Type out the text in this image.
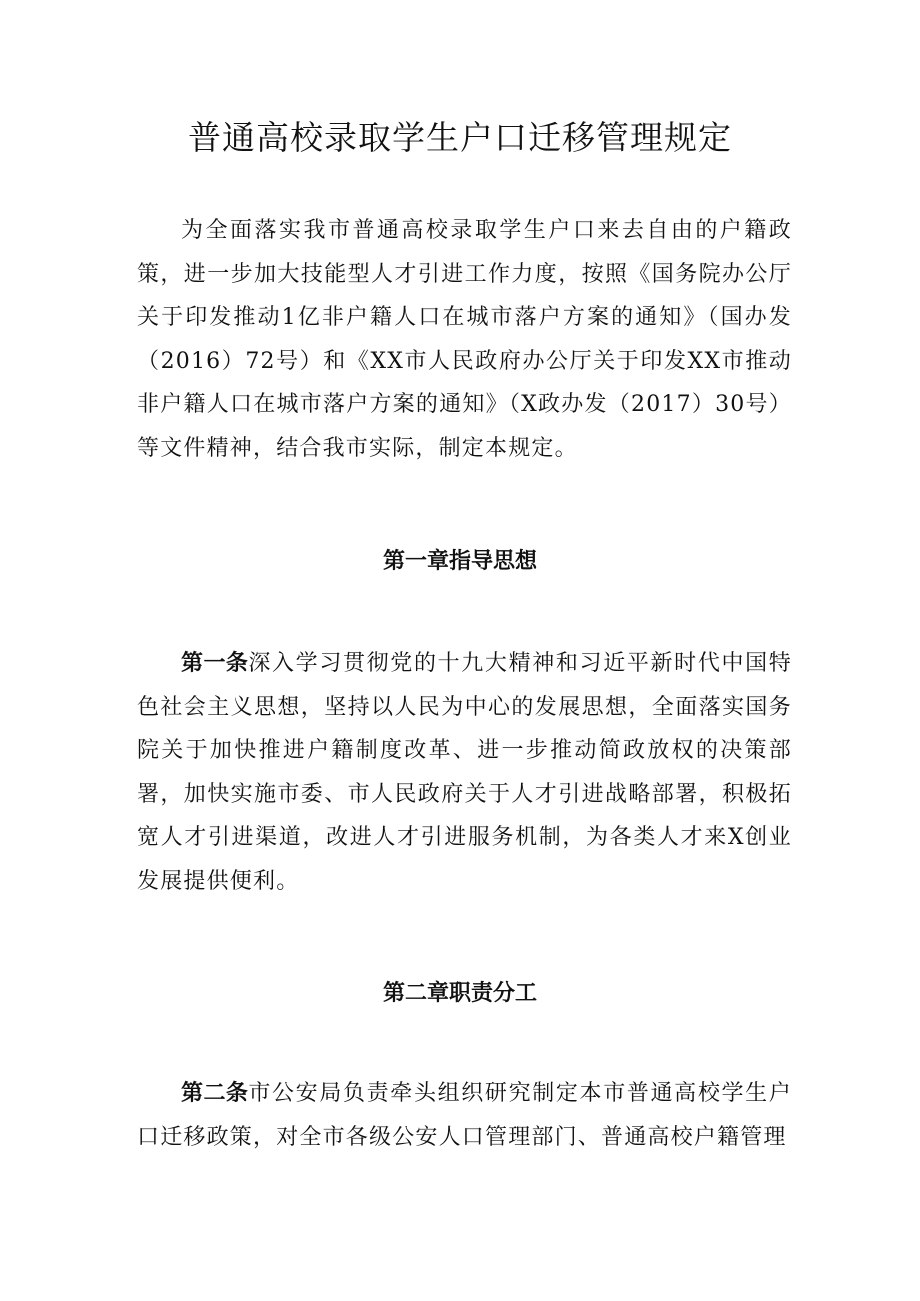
普通高校录取学生户口迁移管理规定

为全面落实我市普通高校录取学生户口来去自由的户籍政策，进一步加大技能型人才引进工作力度，按照《国务院办公厅关于印发推动1亿非户籍人口在城市落户方案的通知》（国办发（2016）72号）和《XX市人民政府办公厅关于印发XX市推动非户籍人口在城市落户方案的通知》（X政办发（2017）30号）等文件精神，结合我市实际，制定本规定。

第一章指导思想

第一条深入学习贯彻党的十九大精神和习近平新时代中国特色社会主义思想，坚持以人民为中心的发展思想，全面落实国务院关于加快推进户籍制度改革、进一步推动简政放权的决策部署，加快实施市委、市人民政府关于人才引进战略部署，积极拓宽人才引进渠道，改进人才引进服务机制，为各类人才来X创业发展提供便利。

第二章职责分工

第二条市公安局负责牵头组织研究制定本市普通高校学生户口迁移政策，对全市各级公安人口管理部门、普通高校户籍管理
